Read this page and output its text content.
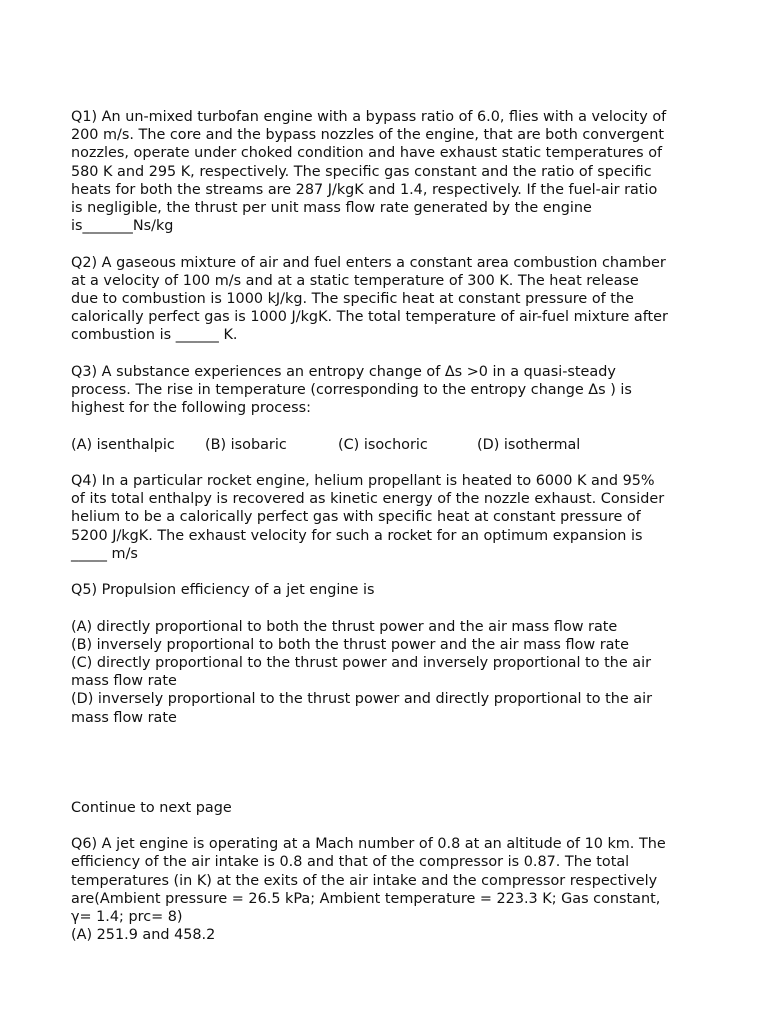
Q1) An un-mixed turbofan engine with a bypass ratio of 6.0, flies with a velocity of

200 m/s. The core and the bypass nozzles of the engine, that are both convergent

nozzles, operate under choked condition and have exhaust static temperatures of

580 K and 295 K, respectively. The specific gas constant and the ratio of specific

heats for both the streams are 287 J/kgK and 1.4, respectively. If the fuel-air ratio

is negligible, the thrust per unit mass flow rate generated by the engine

is_______Ns/kg

Q2) A gaseous mixture of air and fuel enters a constant area combustion chamber

at a velocity of 100 m/s and at a static temperature of 300 K. The heat release

due to combustion is 1000 kJ/kg. The specific heat at constant pressure of the

calorically perfect gas is 1000 J/kgK. The total temperature of air-fuel mixture after

combustion is ______ K.

Q3) A substance experiences an entropy change of Δs >0 in a quasi-steady

process. The rise in temperature (corresponding to the entropy change Δs ) is

highest for the following process:

(A) isenthalpic	(B) isobaric	(C) isochoric	(D) isothermal

Q4) In a particular rocket engine, helium propellant is heated to 6000 K and 95%

of its total enthalpy is recovered as kinetic energy of the nozzle exhaust. Consider

helium to be a calorically perfect gas with specific heat at constant pressure of

5200 J/kgK. The exhaust velocity for such a rocket for an optimum expansion is

_____ m/s

Q5) Propulsion efficiency of a jet engine is

(A) directly proportional to both the thrust power and the air mass flow rate

(B) inversely proportional to both the thrust power and the air mass flow rate

(C) directly proportional to the thrust power and inversely proportional to the air

mass flow rate

(D) inversely proportional to the thrust power and directly proportional to the air

mass flow rate

Continue to next page

Q6) A jet engine is operating at a Mach number of 0.8 at an altitude of 10 km. The

efficiency of the air intake is 0.8 and that of the compressor is 0.87. The total

temperatures (in K) at the exits of the air intake and the compressor respectively

are(Ambient pressure = 26.5 kPa; Ambient temperature = 223.3 K; Gas constant,

γ= 1.4; prc= 8)

(A) 251.9 and 458.2
